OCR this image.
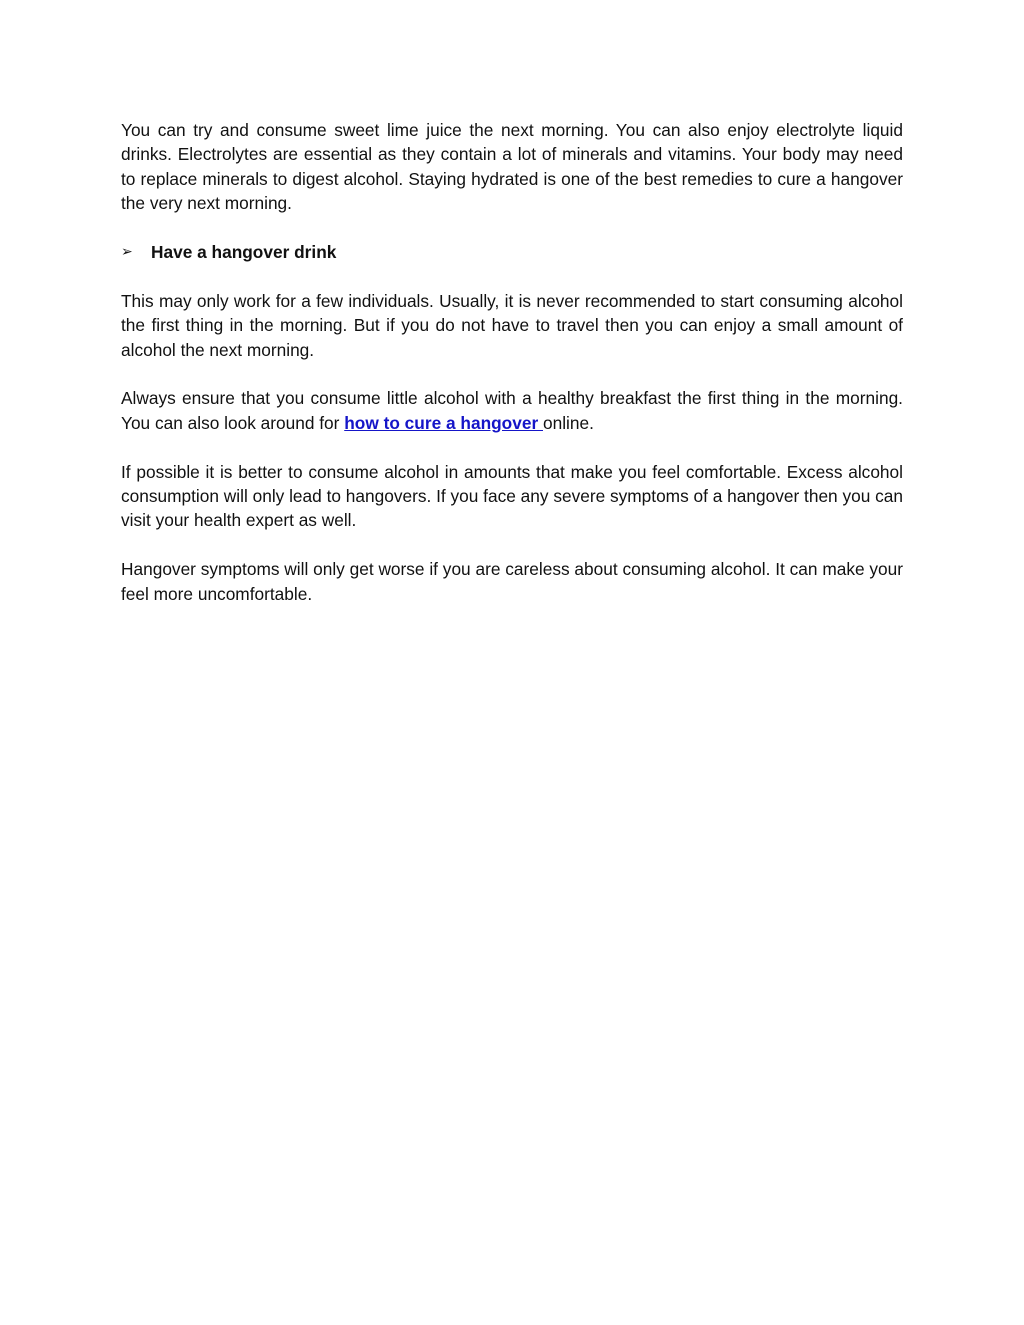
You can try and consume sweet lime juice the next morning. You can also enjoy electrolyte liquid drinks. Electrolytes are essential as they contain a lot of minerals and vitamins. Your body may need to replace minerals to digest alcohol. Staying hydrated is one of the best remedies to cure a hangover the very next morning.

➢	Have a hangover drink

This may only work for a few individuals. Usually, it is never recommended to start consuming alcohol the first thing in the morning. But if you do not have to travel then you can enjoy a small amount of alcohol the next morning.

Always ensure that you consume little alcohol with a healthy breakfast the first thing in the morning. You can also look around for how to cure a hangover online.

If possible it is better to consume alcohol in amounts that make you feel comfortable. Excess alcohol consumption will only lead to hangovers. If you face any severe symptoms of a hangover then you can visit your health expert as well.

Hangover symptoms will only get worse if you are careless about consuming alcohol. It can make your feel more uncomfortable.
